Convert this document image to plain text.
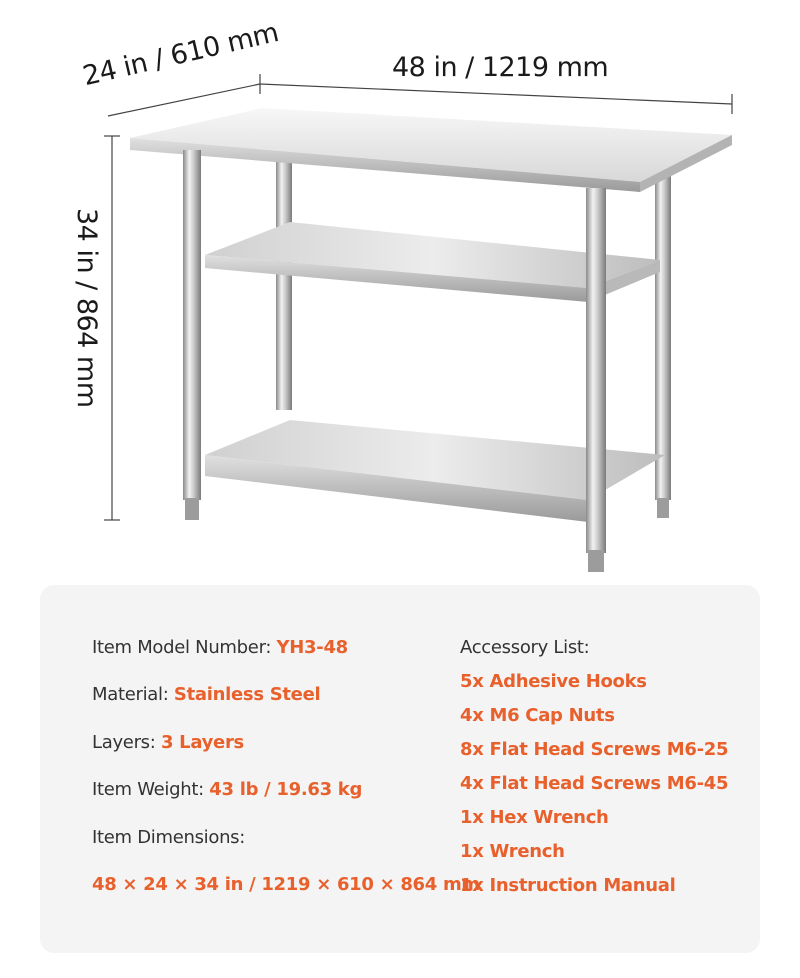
48 in / 1219 mm
24 in / 610 mm
34 in / 864 mm
Item Model Number: YH3-48
Material: Stainless Steel
Layers: 3 Layers
Item Weight: 43 lb / 19.63 kg
Item Dimensions:
48 × 24 × 34 in / 1219 × 610 × 864 mm
Accessory List:
5x Adhesive Hooks
4x M6 Cap Nuts
8x Flat Head Screws M6-25
4x Flat Head Screws M6-45
1x Hex Wrench
1x Wrench
1x Instruction Manual
